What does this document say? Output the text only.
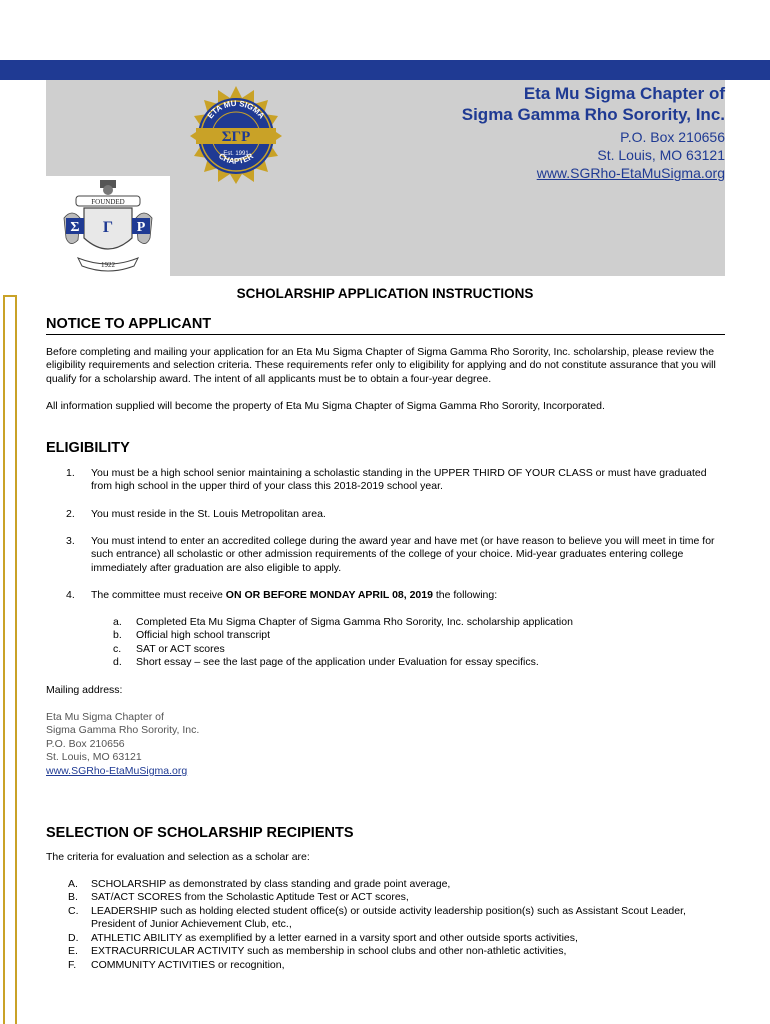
ETA MU SIGMA
ΣΓΡ
Est. 1991
CHAPTER
FOUNDED
Σ Γ Ρ
1922
Eta Mu Sigma Chapter of
Sigma Gamma Rho Sorority, Inc.
P.O. Box 210656
St. Louis, MO 63121
www.SGRho-EtaMuSigma.org
SCHOLARSHIP APPLICATION INSTRUCTIONS
NOTICE TO APPLICANT

Before completing and mailing your application for an Eta Mu Sigma Chapter of Sigma Gamma Rho Sorority, Inc. scholarship, please review the eligibility requirements and selection criteria. These requirements refer only to eligibility for applying and do not constitute assurance that you will qualify for a scholarship award. The intent of all applicants must be to obtain a four-year degree.

All information supplied will become the property of Eta Mu Sigma Chapter of Sigma Gamma Rho Sorority, Incorporated.

ELIGIBILITY
1. You must be a high school senior maintaining a scholastic standing in the UPPER THIRD OF YOUR CLASS or must have graduated from high school in the upper third of your class this 2018-2019 school year.
2. You must reside in the St. Louis Metropolitan area.
3. You must intend to enter an accredited college during the award year and have met (or have reason to believe you will meet in time for such entrance) all scholastic or other admission requirements of the college of your choice. Mid-year graduates entering college immediately after graduation are also eligible to apply.
4. The committee must receive ON OR BEFORE MONDAY APRIL 08, 2019 the following:
a. Completed Eta Mu Sigma Chapter of Sigma Gamma Rho Sorority, Inc. scholarship application
b. Official high school transcript
c. SAT or ACT scores
d. Short essay – see the last page of the application under Evaluation for essay specifics.
Mailing address:
Eta Mu Sigma Chapter of
Sigma Gamma Rho Sorority, Inc.
P.O. Box 210656
St. Louis, MO 63121
www.SGRho-EtaMuSigma.org
SELECTION OF SCHOLARSHIP RECIPIENTS
The criteria for evaluation and selection as a scholar are:
A. SCHOLARSHIP as demonstrated by class standing and grade point average,
B. SAT/ACT SCORES from the Scholastic Aptitude Test or ACT scores,
C. LEADERSHIP such as holding elected student office(s) or outside activity leadership position(s) such as Assistant Scout Leader, President of Junior Achievement Club, etc.,
D. ATHLETIC ABILITY as exemplified by a letter earned in a varsity sport and other outside sports activities,
E. EXTRACURRICULAR ACTIVITY such as membership in school clubs and other non-athletic activities,
F. COMMUNITY ACTIVITIES or recognition,
